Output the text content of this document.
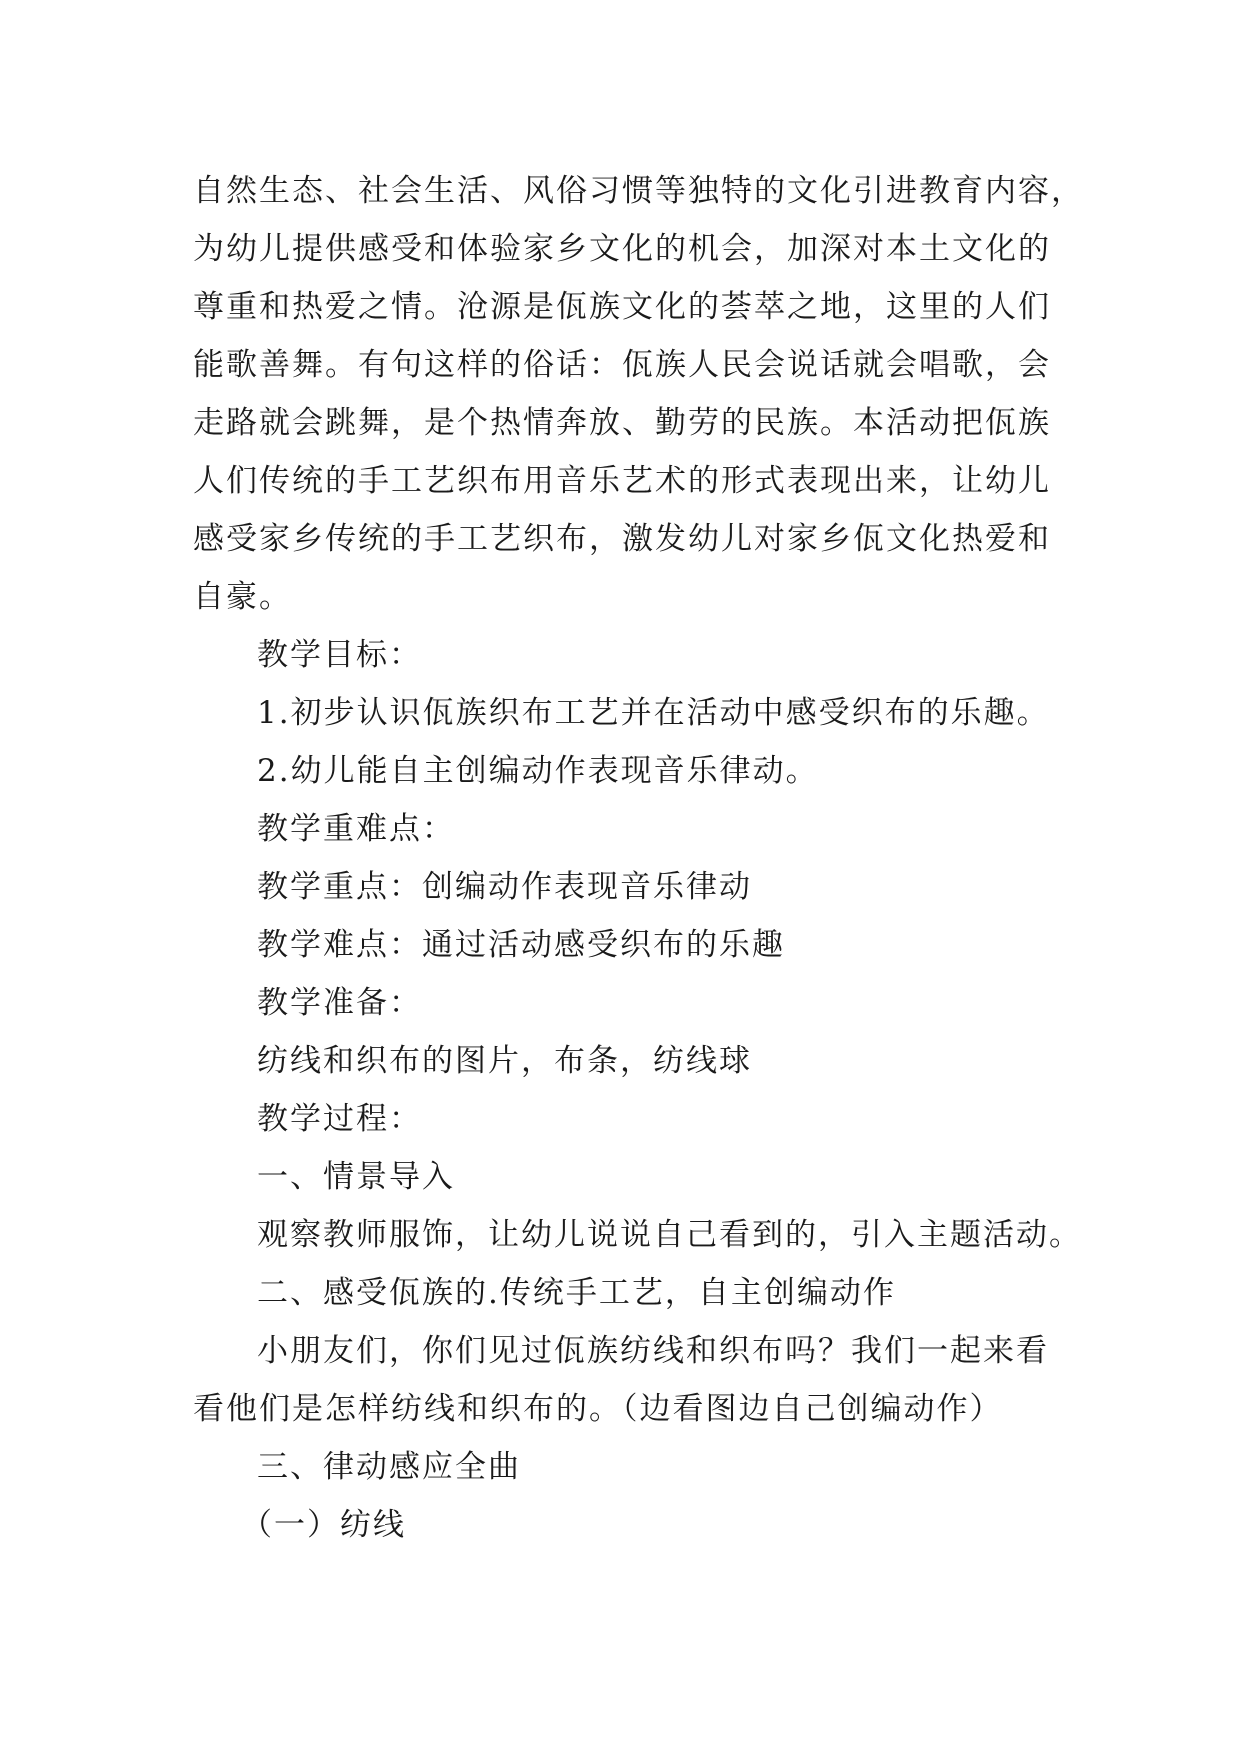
自然生态、社会生活、风俗习惯等独特的文化引进教育内容，
为幼儿提供感受和体验家乡文化的机会，加深对本土文化的
尊重和热爱之情。沧源是佤族文化的荟萃之地，这里的人们
能歌善舞。有句这样的俗话：佤族人民会说话就会唱歌，会
走路就会跳舞，是个热情奔放、勤劳的民族。本活动把佤族
人们传统的手工艺织布用音乐艺术的形式表现出来，让幼儿
感受家乡传统的手工艺织布，激发幼儿对家乡佤文化热爱和
自豪。
教学目标：
1.初步认识佤族织布工艺并在活动中感受织布的乐趣。
2.幼儿能自主创编动作表现音乐律动。
教学重难点：
教学重点：创编动作表现音乐律动
教学难点：通过活动感受织布的乐趣
教学准备：
纺线和织布的图片，布条，纺线球
教学过程：
一、情景导入
观察教师服饰，让幼儿说说自己看到的，引入主题活动。
二、感受佤族的.传统手工艺，自主创编动作
小朋友们，你们见过佤族纺线和织布吗？我们一起来看
看他们是怎样纺线和织布的。（边看图边自己创编动作）
三、律动感应全曲
（一）纺线
